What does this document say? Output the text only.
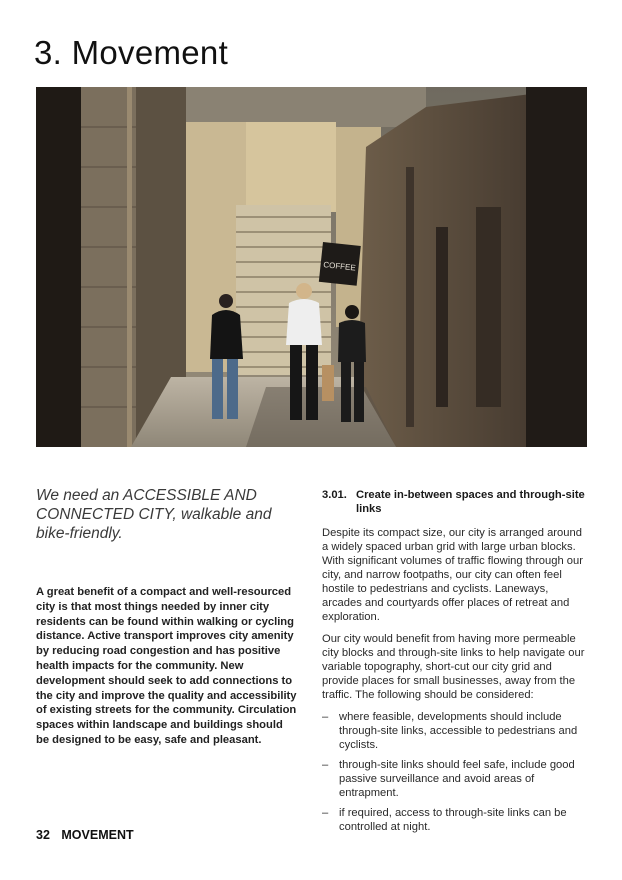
3. Movement
COFFEE

We need an ACCESSIBLE AND CONNECTED CITY, walkable and bike-friendly.

A great benefit of a compact and well-resourced city is that most things needed by inner city residents can be found within walking or cycling distance. Active transport improves city amenity by reducing road congestion and has positive health impacts for the community. New development should seek to add connections to the city and improve the quality and accessibility of existing streets for the community. Circulation spaces within landscape and buildings should be designed to be easy, safe and pleasant.

3.01. Create in-between spaces and through-site links

Despite its compact size, our city is arranged around a widely spaced urban grid with large urban blocks. With significant volumes of traffic flowing through our city, and narrow footpaths, our city can often feel hostile to pedestrians and cyclists. Laneways, arcades and courtyards offer places of retreat and exploration.

Our city would benefit from having more permeable city blocks and through-site links to help navigate our variable topography, short-cut our city grid and provide places for small businesses, away from the traffic. The following should be considered:

– where feasible, developments should include through-site links, accessible to pedestrians and cyclists.
– through-site links should feel safe, include good passive surveillance and avoid areas of entrapment.
– if required, access to through-site links can be controlled at night.
32 MOVEMENT
